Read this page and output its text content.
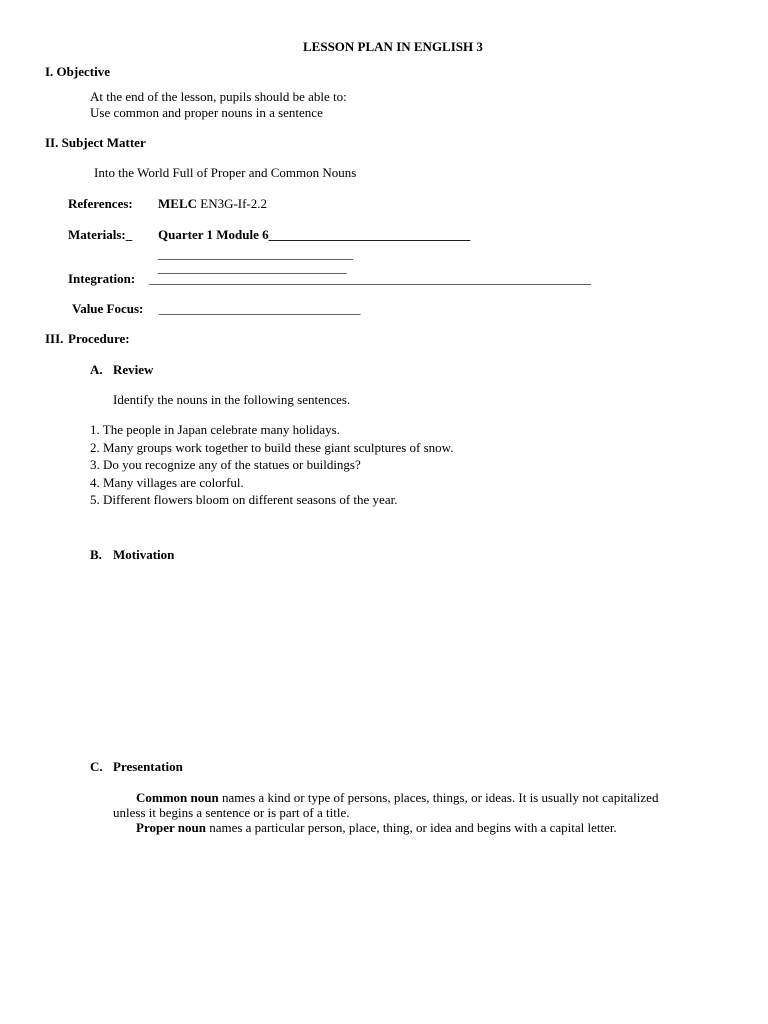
LESSON PLAN IN ENGLISH 3
I. Objective
At the end of the lesson, pupils should be able to:
Use common and proper nouns in a sentence
II. Subject Matter
Into the World Full of Proper and Common Nouns
References: MELC EN3G-If-2.2
Materials:_ Quarter 1 Module 6_______________________________
______________________________
_____________________________
Integration: ____________________________________________________________________
Value Focus: _______________________________
III. Procedure:
A. Review
Identify the nouns in the following sentences.
1. The people in Japan celebrate many holidays.
2. Many groups work together to build these giant sculptures of snow.
3. Do you recognize any of the statues or buildings?
4. Many villages are colorful.
5. Different flowers bloom on different seasons of the year.
B. Motivation
C. Presentation
Common noun names a kind or type of persons, places, things, or ideas. It is usually not capitalized unless it begins a sentence or is part of a title.
Proper noun names a particular person, place, thing, or idea and begins with a capital letter.
